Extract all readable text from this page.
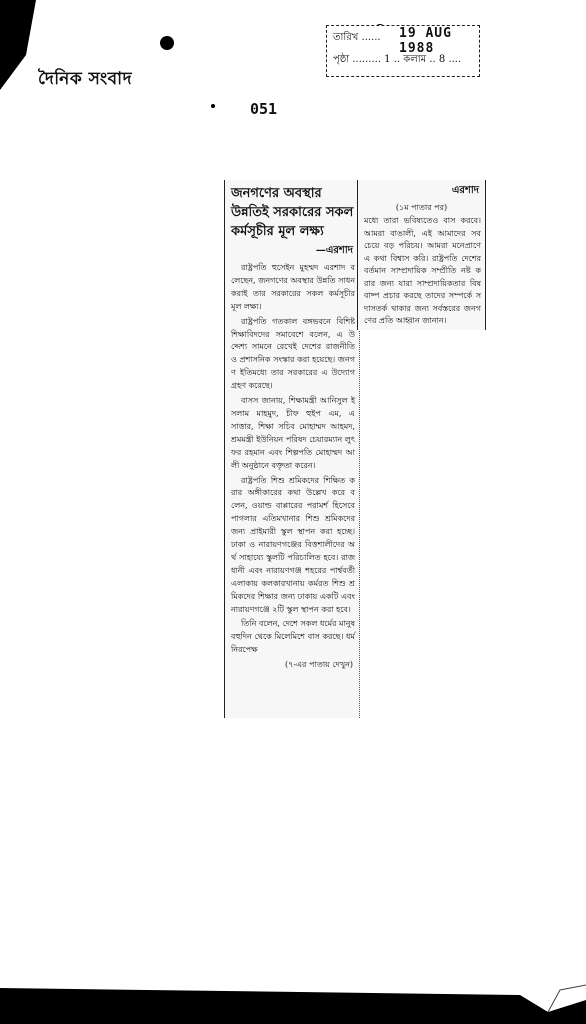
তারিখ ...... 19 AUG 1988
পৃষ্ঠা ......... 1 .. কলাম .. 8 ....
দৈনিক সংবাদ
051
জনগণের অবস্থার উন্নতিই সরকারের সকল কর্মসূচীর মূল লক্ষ্য
—এরশাদ

রাষ্ট্রপতি হুসেইন মুহম্মদ এরশাদ বলেছেন, জনগণের অবস্থার উন্নতি সাধন করাই তার সরকারের সকল কর্মসূচীর মূল লক্ষ্য।

রাষ্ট্রপতি গতকাল বঙ্গভবনে বিশিষ্ট শিক্ষাবিদদের সমাবেশে বলেন, এ উদ্দেশ্য সামনে রেখেই দেশের রাজনীতি ও প্রশাসনিক সংস্কার করা হয়েছে। জনগণ ইতিমধ্যে তার সরকারের এ উদ্যোগ গ্রহণ করেছে।

বাসস জানায়, শিক্ষামন্ত্রী আনিসুল ইসলাম মাহমুদ, চীফ হুইপ এম, এ সাত্তার, শিক্ষা সচিব মোহাম্মদ আহমদ, শ্রমমন্ত্রী ইউনিয়ন পরিষদ চেয়ারম্যান লুৎফর রহমান এবং শিল্পপতি মোহাম্মদ আলী অনুষ্ঠানে বক্তৃতা করেন।

রাষ্ট্রপতি শিশু শ্রমিকদের শিক্ষিত করার অঙ্গীকারের কথা উল্লেখ করে বলেন, ওয়াল্ড বাপ্পারের পরামর্শ হিসেবে পাগলার এতিমখানার শিশু শ্রমিকদের জন্য প্রাইমারী স্কুল স্থাপন করা হচ্ছে। ঢাকা ও নারায়ণগঞ্জের বিত্তশালীদের অর্থ সাহায্যে স্কুলটি পরিচালিত হবে। রাজধানী এবং নারায়ণগঞ্জ শহরের পার্শ্ববর্তী এলাকায় কলকারখানায় কর্মরত শিশু শ্রমিকদের শিক্ষার জন্য ঢাকায় একটি এবং নারায়ণগঞ্জে ২টি স্কুল স্থাপন করা হবে।

তিনি বলেন, দেশে সকল ধর্মের মানুষ বহুদিন থেকে মিলেমিশে বাস করছে। ধর্মনিরপেক্ষ

(৭-এর পাতায় দেখুন)
এরশাদ
(১ম পাতার পর)
মধ্যে তারা ভবিষ্যতেও বাস করবে। আমরা বাঙালী, এই আমাদের সবচেয়ে বড় পরিচয়। আমরা মনেপ্রাণে এ কথা বিশ্বাস করি। রাষ্ট্রপতি দেশের বর্তমান সাম্প্রদায়িক সম্প্রীতি নষ্ট করার জন্য যারা সাম্প্রদায়িকতার বিষবাষ্প প্রচার করছে তাদের সম্পর্কে সদাসতর্ক থাকার জন্য সর্বস্তরের জনগণের প্রতি আহ্বান জানান।
